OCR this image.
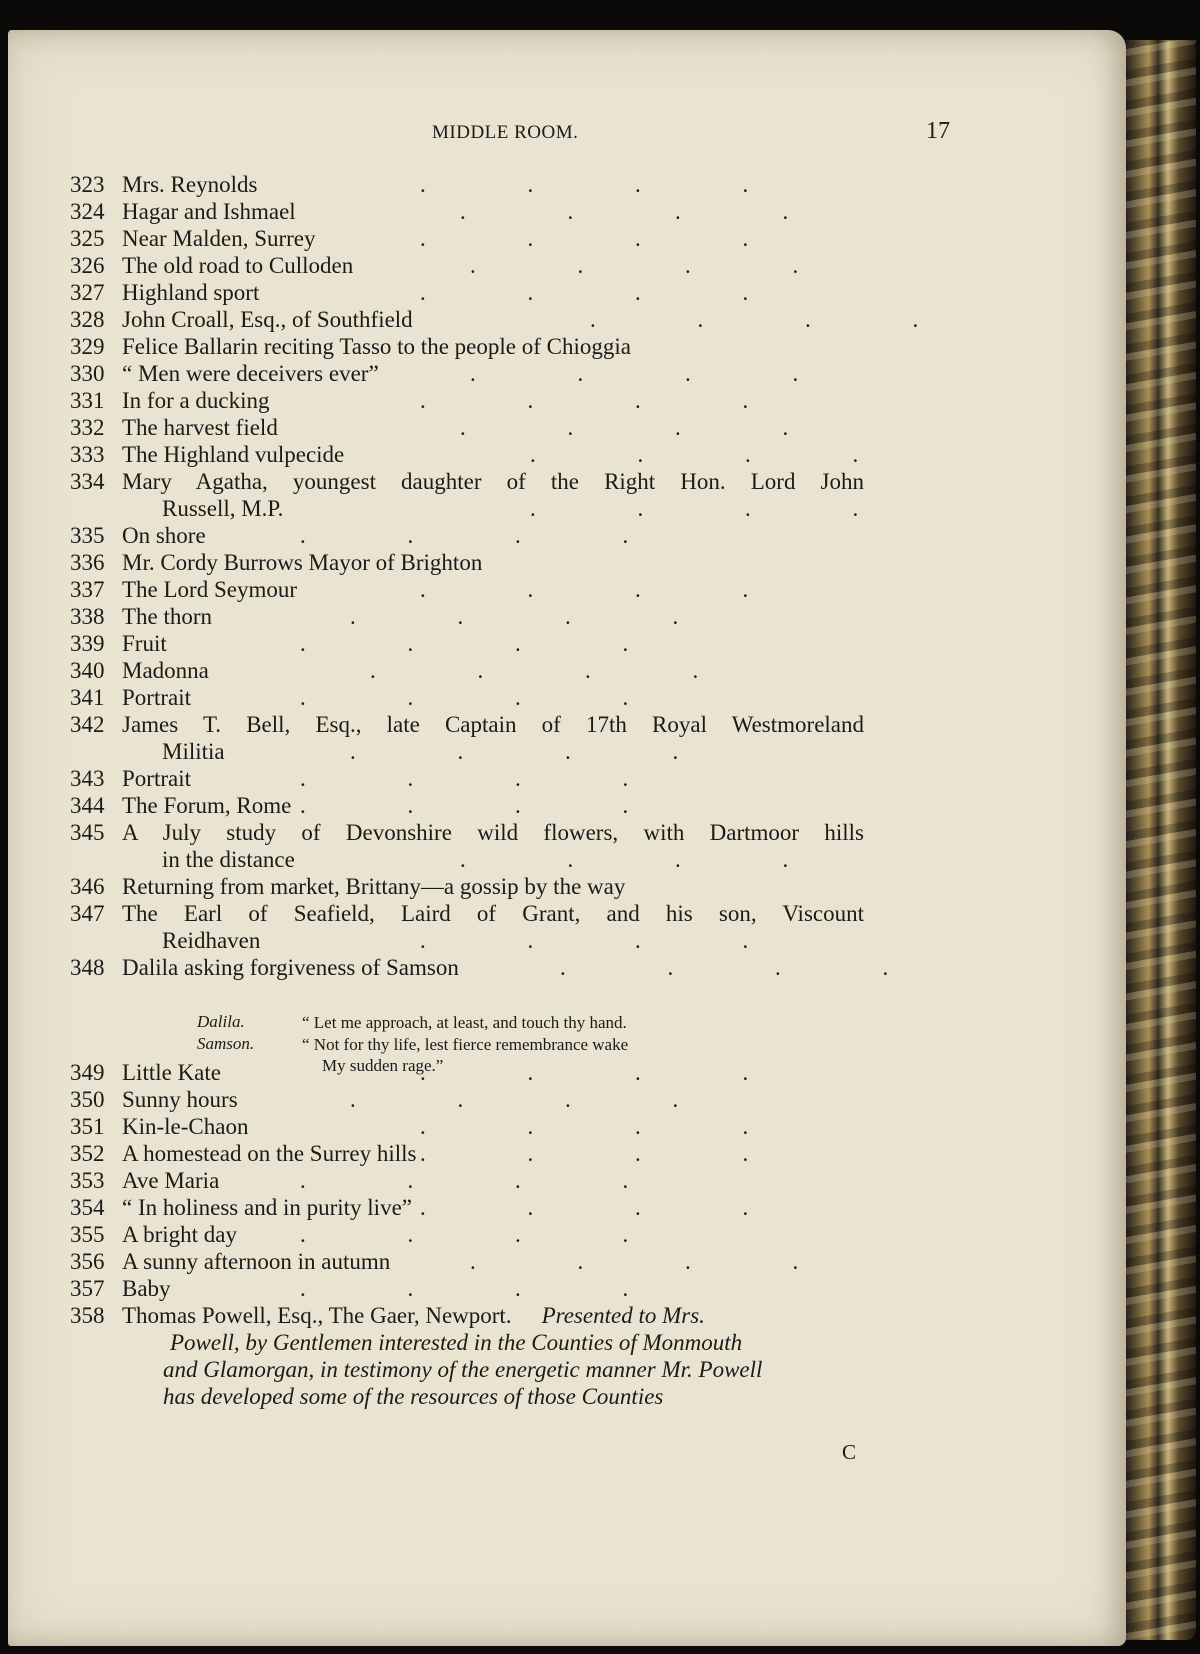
MIDDLE ROOM.	17
323 Mrs. Reynolds	. . . .
324 Hagar and Ishmael	. . . .
325 Near Malden, Surrey	. . . .
326 The old road to Culloden	. . . .
327 Highland sport	. . . .
328 John Croall, Esq., of Southfield	. . . .
329 Felice Ballarin reciting Tasso to the people of Chioggia
330 “ Men were deceivers ever”	. . . .
331 In for a ducking	. . . .
332 The harvest field	. . . .
333 The Highland vulpecide	. . . .
334 Mary Agatha, youngest daughter of the Right Hon. Lord John
Russell, M.P.	. . . .
335 On shore	. . . .
336 Mr. Cordy Burrows Mayor of Brighton
337 The Lord Seymour	. . . .
338 The thorn	. . . .
339 Fruit	. . . .
340 Madonna	. . . .
341 Portrait	. . . .
342 James T. Bell, Esq., late Captain of 17th Royal Westmoreland
Militia	. . . .
343 Portrait	. . . .
344 The Forum, Rome . . . .
345 A July study of Devonshire wild flowers, with Dartmoor hills
in the distance	. . . .
346 Returning from market, Brittany—a gossip by the way
347 The Earl of Seafield, Laird of Grant, and his son, Viscount
Reidhaven	. . . .
348 Dalila asking forgiveness of Samson	. . . .
349 Little Kate	. . . .
350 Sunny hours	. . . .
351 Kin-le-Chaon	. . . .
352 A homestead on the Surrey hills . . . .
353 Ave Maria	. . . .
354 “ In holiness and in purity live” . . . .
355 A bright day	. . . .
356 A sunny afternoon in autumn	. . . .
357 Baby	. . . .
358 Thomas Powell, Esq., The Gaer, Newport. Presented to Mrs.
Powell, by Gentlemen interested in the Counties of Monmouth
and Glamorgan, in testimony of the energetic manner Mr. Powell
has developed some of the resources of those Counties
Dalila.	“ Let me approach, at least, and touch thy hand.
Samson.	“ Not for thy life, lest fierce remembrance wake
My sudden rage.”
C
